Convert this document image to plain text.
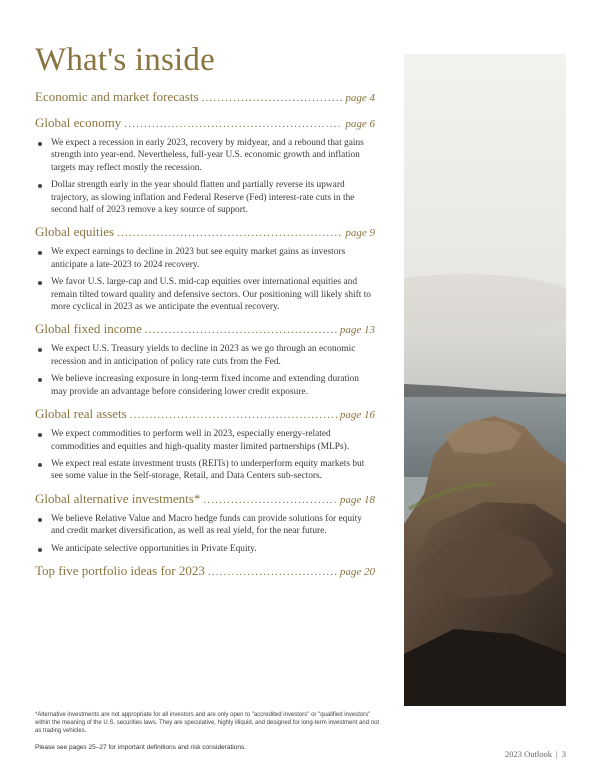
What's inside
Economic and market forecasts .....	page 4
Global economy .....	page 6
We expect a recession in early 2023, recovery by midyear, and a rebound that gains strength into year-end. Nevertheless, full-year U.S. economic growth and inflation targets may reflect mostly the recession.
Dollar strength early in the year should flatten and partially reverse its upward trajectory, as slowing inflation and Federal Reserve (Fed) interest-rate cuts in the second half of 2023 remove a key source of support.
Global equities .....	page 9
We expect earnings to decline in 2023 but see equity market gains as investors anticipate a late-2023 to 2024 recovery.
We favor U.S. large-cap and U.S. mid-cap equities over international equities and remain tilted toward quality and defensive sectors. Our positioning will likely shift to more cyclical in 2023 as we anticipate the eventual recovery.
Global fixed income .....	page 13
We expect U.S. Treasury yields to decline in 2023 as we go through an economic recession and in anticipation of policy rate cuts from the Fed.
We believe increasing exposure in long-term fixed income and extending duration may provide an advantage before considering lower credit exposure.
Global real assets .....	page 16
We expect commodities to perform well in 2023, especially energy-related commodities and equities and high-quality master limited partnerships (MLPs).
We expect real estate investment trusts (REITs) to underperform equity markets but see some value in the Self-storage, Retail, and Data Centers sub-sectors.
Global alternative investments* .....	page 18
We believe Relative Value and Macro hedge funds can provide solutions for equity and credit market diversification, as well as real yield, for the near future.
We anticipate selective opportunities in Private Equity.
Top five portfolio ideas for 2023 .....	page 20
*Alternative investments are not appropriate for all investors and are only open to "accredited investors" or "qualified investors" within the meaning of the U.S. securities laws. They are speculative, highly illiquid, and designed for long-term investment and not as trading vehicles.
Please see pages 25–27 for important definitions and risk considerations.
2023 Outlook | 3
